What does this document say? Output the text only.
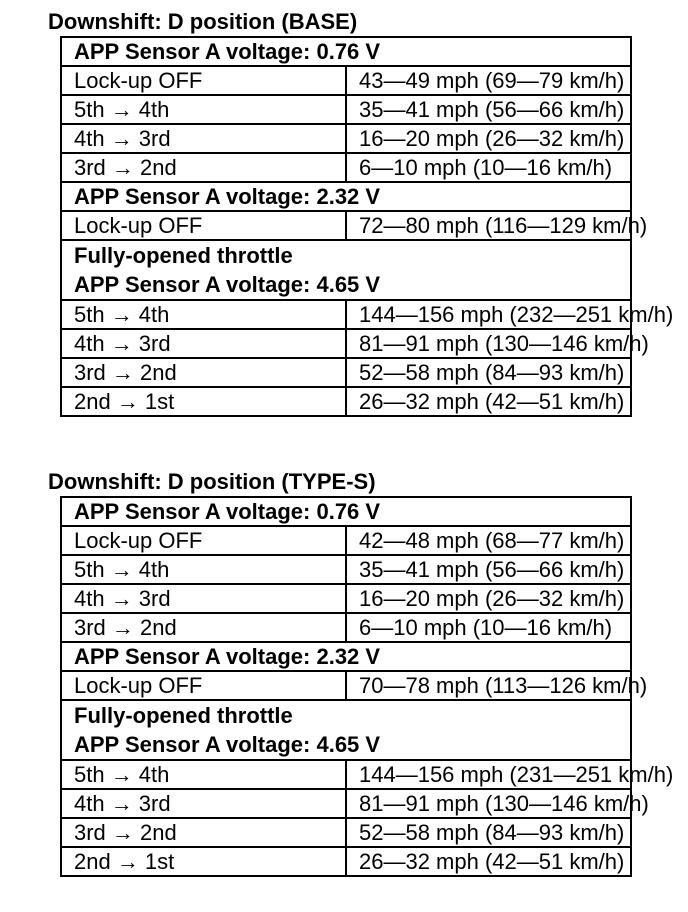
Downshift: D position (BASE)
APP Sensor A voltage: 0.76 V	
Lock-up OFF	43—49 mph (69—79 km/h)
5th → 4th	35—41 mph (56—66 km/h)
4th → 3rd	16—20 mph (26—32 km/h)
3rd → 2nd	6—10 mph (10—16 km/h)
APP Sensor A voltage: 2.32 V	
Lock-up OFF	72—80 mph (116—129 km/h)

Fully-opened throttle
APP Sensor A voltage: 4.65 V	

5th → 4th	144—156 mph (232—251 km/h)
4th → 3rd	81—91 mph (130—146 km/h)
3rd → 2nd	52—58 mph (84—93 km/h)
2nd → 1st	26—32 mph (42—51 km/h)
Downshift: D position (TYPE-S)
APP Sensor A voltage: 0.76 V	
Lock-up OFF	42—48 mph (68—77 km/h)
5th → 4th	35—41 mph (56—66 km/h)
4th → 3rd	16—20 mph (26—32 km/h)
3rd → 2nd	6—10 mph (10—16 km/h)
APP Sensor A voltage: 2.32 V	
Lock-up OFF	70—78 mph (113—126 km/h)

Fully-opened throttle
APP Sensor A voltage: 4.65 V	

5th → 4th	144—156 mph (231—251 km/h)
4th → 3rd	81—91 mph (130—146 km/h)
3rd → 2nd	52—58 mph (84—93 km/h)
2nd → 1st	26—32 mph (42—51 km/h)
